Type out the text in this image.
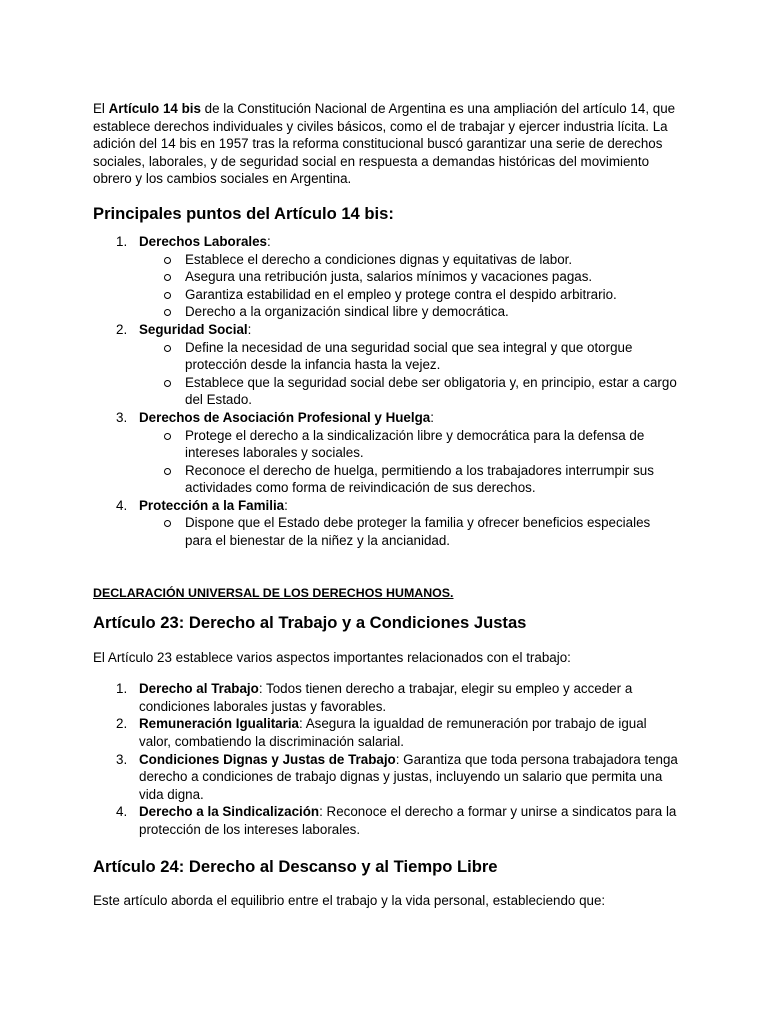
El Artículo 14 bis de la Constitución Nacional de Argentina es una ampliación del artículo 14, que establece derechos individuales y civiles básicos, como el de trabajar y ejercer industria lícita. La adición del 14 bis en 1957 tras la reforma constitucional buscó garantizar una serie de derechos sociales, laborales, y de seguridad social en respuesta a demandas históricas del movimiento obrero y los cambios sociales en Argentina.

Principales puntos del Artículo 14 bis:
1. Derechos Laborales:
Establece el derecho a condiciones dignas y equitativas de labor.
Asegura una retribución justa, salarios mínimos y vacaciones pagas.
Garantiza estabilidad en el empleo y protege contra el despido arbitrario.
Derecho a la organización sindical libre y democrática.
2. Seguridad Social:
Define la necesidad de una seguridad social que sea integral y que otorgue protección desde la infancia hasta la vejez.
Establece que la seguridad social debe ser obligatoria y, en principio, estar a cargo del Estado.
3. Derechos de Asociación Profesional y Huelga:
Protege el derecho a la sindicalización libre y democrática para la defensa de intereses laborales y sociales.
Reconoce el derecho de huelga, permitiendo a los trabajadores interrumpir sus actividades como forma de reivindicación de sus derechos.
4. Protección a la Familia:
Dispone que el Estado debe proteger la familia y ofrecer beneficios especiales para el bienestar de la niñez y la ancianidad.

DECLARACIÓN UNIVERSAL DE LOS DERECHOS HUMANOS.

Artículo 23: Derecho al Trabajo y a Condiciones Justas

El Artículo 23 establece varios aspectos importantes relacionados con el trabajo:

1. Derecho al Trabajo: Todos tienen derecho a trabajar, elegir su empleo y acceder a condiciones laborales justas y favorables.
2. Remuneración Igualitaria: Asegura la igualdad de remuneración por trabajo de igual valor, combatiendo la discriminación salarial.
3. Condiciones Dignas y Justas de Trabajo: Garantiza que toda persona trabajadora tenga derecho a condiciones de trabajo dignas y justas, incluyendo un salario que permita una vida digna.
4. Derecho a la Sindicalización: Reconoce el derecho a formar y unirse a sindicatos para la protección de los intereses laborales.
Artículo 24: Derecho al Descanso y al Tiempo Libre

Este artículo aborda el equilibrio entre el trabajo y la vida personal, estableciendo que:
